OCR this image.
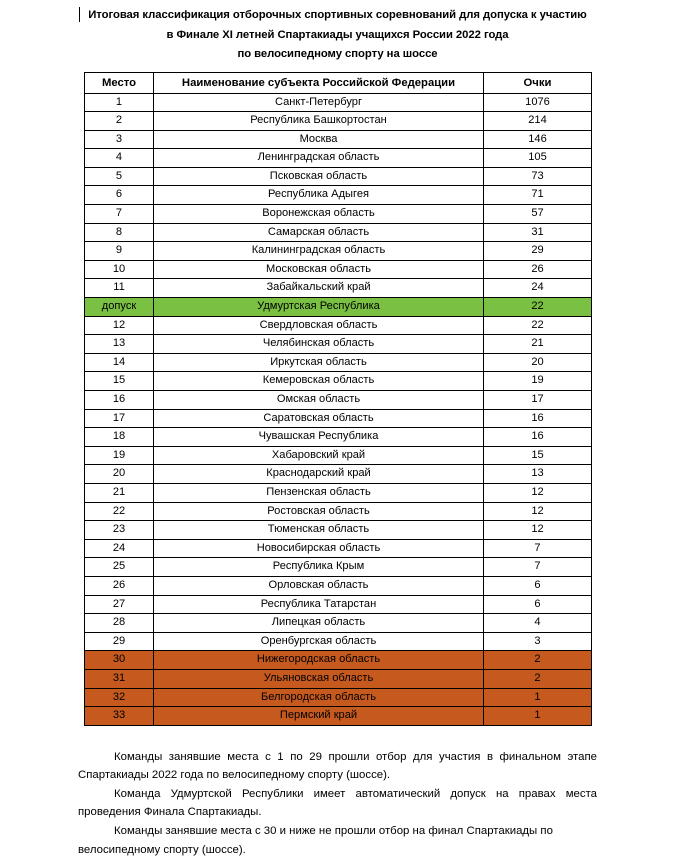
Итоговая классификация отборочных спортивных соревнований для допуска к участию
в Финале XI летней Спартакиады учащихся России 2022 года
по велосипедному спорту на шоссе
Место	Наименование субъекта Российской Федерации	Очки
1	Санкт-Петербург	1076
2	Республика Башкортостан	214
3	Москва	146
4	Ленинградская область	105
5	Псковская область	73
6	Республика Адыгея	71
7	Воронежская область	57
8	Самарская область	31
9	Калининградская область	29
10	Московская область	26
11	Забайкальский край	24
допуск	Удмуртская Республика	22
12	Свердловская область	22
13	Челябинская область	21
14	Иркутская область	20
15	Кемеровская область	19
16	Омская область	17
17	Саратовская область	16
18	Чувашская Республика	16
19	Хабаровский край	15
20	Краснодарский край	13
21	Пензенская область	12
22	Ростовская область	12
23	Тюменская область	12
24	Новосибирская область	7
25	Республика Крым	7
26	Орловская область	6
27	Республика Татарстан	6
28	Липецкая область	4
29	Оренбургская область	3
30	Нижегородская область	2
31	Ульяновская область	2
32	Белгородская область	1
33	Пермский край	1

Команды занявшие места с 1 по 29 прошли отбор для участия в финальном этапе Спартакиады 2022 года по велосипедному спорту (шоссе).

Команда Удмуртской Республики имеет автоматический допуск на правах места проведения Финала Спартакиады.

Команды занявшие места с 30 и ниже не прошли отбор на финал Спартакиады по велосипедному спорту (шоссе).
